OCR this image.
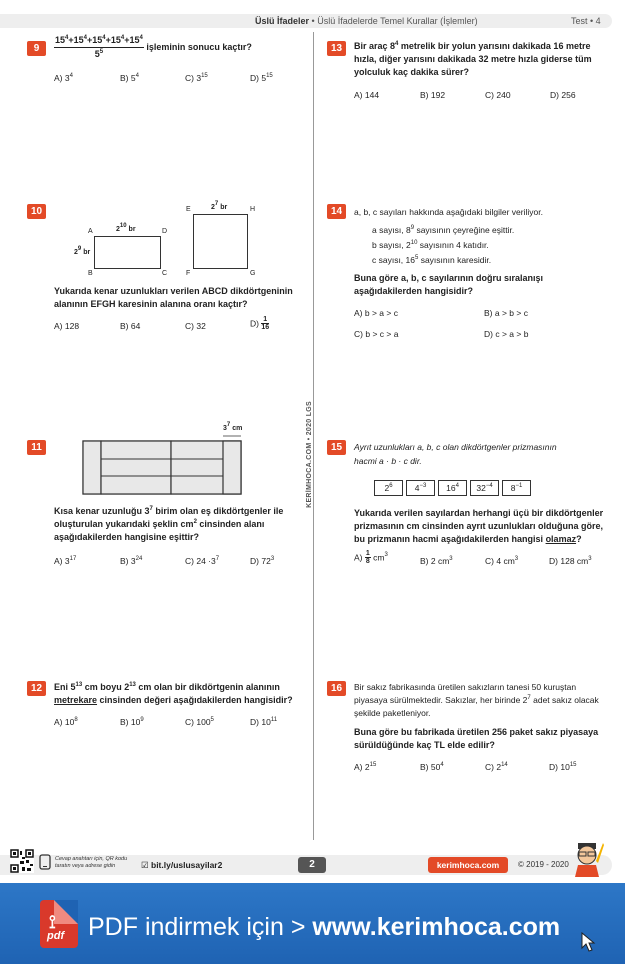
Üslü İfadeler • Üslü İfadelerde Temel Kurallar (İşlemler)	Test • 4
KERİMHOCA.COM • 2020 LGS
9	$\frac{15^4+15^4+15^4+15^4+15^4}{5^5}$ işleminin sonucu kaçtır?
A) $3^4$	B) $5^4$	C) $3^{15}$	D) $5^{15}$
10
A	D
B	C
E	H
F	G
$2^{10}$ br
$2^9$ br
$2^7$ br
Yukarıda kenar uzunlukları verilen ABCD dikdörtgeninin alanının EFGH karesinin alanına oranı kaçtır?
A) 128	B) 64	C) 32	$D) \frac{1}{16}$
11
$3^7$ cm
Kısa kenar uzunluğu $3^7$ birim olan eş dikdörtgenler ile oluşturulan yukarıdaki şeklin $cm^2$ cinsinden alanı aşağıdakilerden hangisine eşittir?
A) $3^{17}$	B) $3^{24}$	C) $24 \cdot 3^7$	D) $72^3$
12	Eni $5^{13}$ cm boyu $2^{13}$ cm olan bir dikdörtgenin alanının metrekare cinsinden değeri aşağıdakilerden hangisidir?
A) $10^8$	B) $10^9$	C) $100^5$	D) $10^{11}$
13	Bir araç $8^4$ metrelik bir yolun yarısını dakikada 16 metre hızla, diğer yarısını dakikada 32 metre hızla giderse tüm yolculuk kaç dakika sürer?
A) 144	B) 192	C) 240	D) 256
14	a, b, c sayıları hakkında aşağıdaki bilgiler veriliyor.
a sayısı, $8^9$ sayısının çeyreğine eşittir.
b sayısı, $2^{10}$ sayısının 4 katıdır.
c sayısı, $16^5$ sayısının karesidir.
Buna göre a, b, c sayılarının doğru sıralanışı aşağıdakilerden hangisidir?
A) b > a > c	B) a > b > c
C) b > c > a	D) c > a > b
15	Ayrıt uzunlukları a, b, c olan dikdörtgenler prizmasının
hacmi a · b · c dir.
$2^6$	$4^{-3}$ $16^4$ $32^{-4}$ $8^{-1}$
Yukarıda verilen sayılardan herhangi üçü bir dikdörtgenler prizmasının cm cinsinden ayrıt uzunlukları olduğuna göre, bu prizmanın hacmi aşağıdakilerden hangisi olamaz?
$A) \frac{1}{8} cm^3$
B) 2 $cm^3$	C) 4 $cm^3$	D) 128 $cm^3$
16	Bir sakız fabrikasında üretilen sakızların tanesi 50 kuruştan piyasaya sürülmektedir. Sakızlar, her birinde $2^7$ adet sakız olacak şekilde paketleniyor.
Buna göre bu fabrikada üretilen 256 paket sakız piyasaya sürüldüğünde kaç TL elde edilir?
A) $2^{15}$	B) $50^4$	C) $2^{14}$	D) $10^{15}$
Cevap anahtarı için, QR kodu taratın veya adrese gidin	☑ bit.ly/uslusayilar2	2	kerimhoca.com	© 2019 - 2020
⟟
pdf PDF indirmek için > www.kerimhoca.com
